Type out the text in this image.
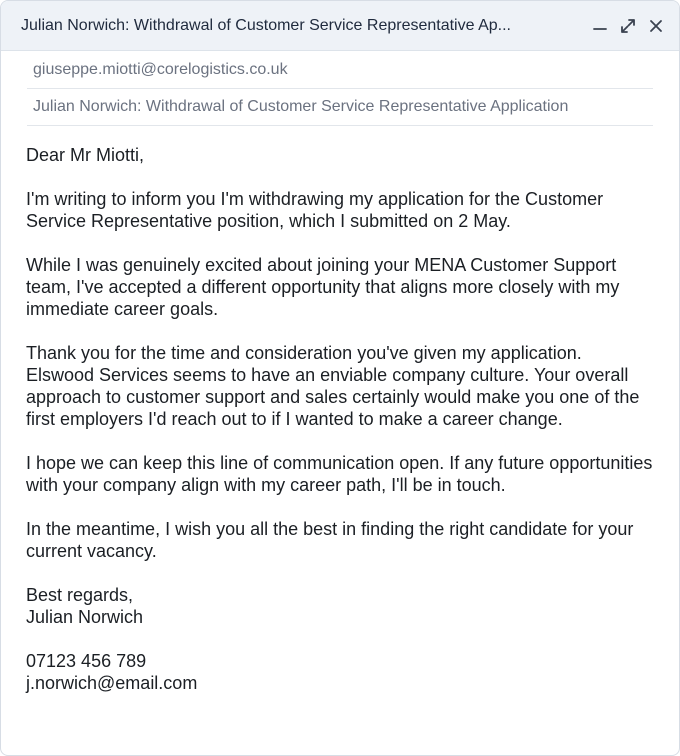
Julian Norwich: Withdrawal of Customer Service Representative Ap...
giuseppe.miotti@corelogistics.co.uk
Julian Norwich: Withdrawal of Customer Service Representative Application

Dear Mr Miotti,

I'm writing to inform you I'm withdrawing my application for the Customer Service Representative position, which I submitted on 2 May.

While I was genuinely excited about joining your MENA Customer Support team, I've accepted a different opportunity that aligns more closely with my immediate career goals.

Thank you for the time and consideration you've given my application. Elswood Services seems to have an enviable company culture. Your overall approach to customer support and sales certainly would make you one of the first employers I'd reach out to if I wanted to make a career change.

I hope we can keep this line of communication open. If any future opportunities with your company align with my career path, I'll be in touch.

In the meantime, I wish you all the best in finding the right candidate for your current vacancy.

Best regards,

Julian Norwich

07123 456 789

j.norwich@email.com
